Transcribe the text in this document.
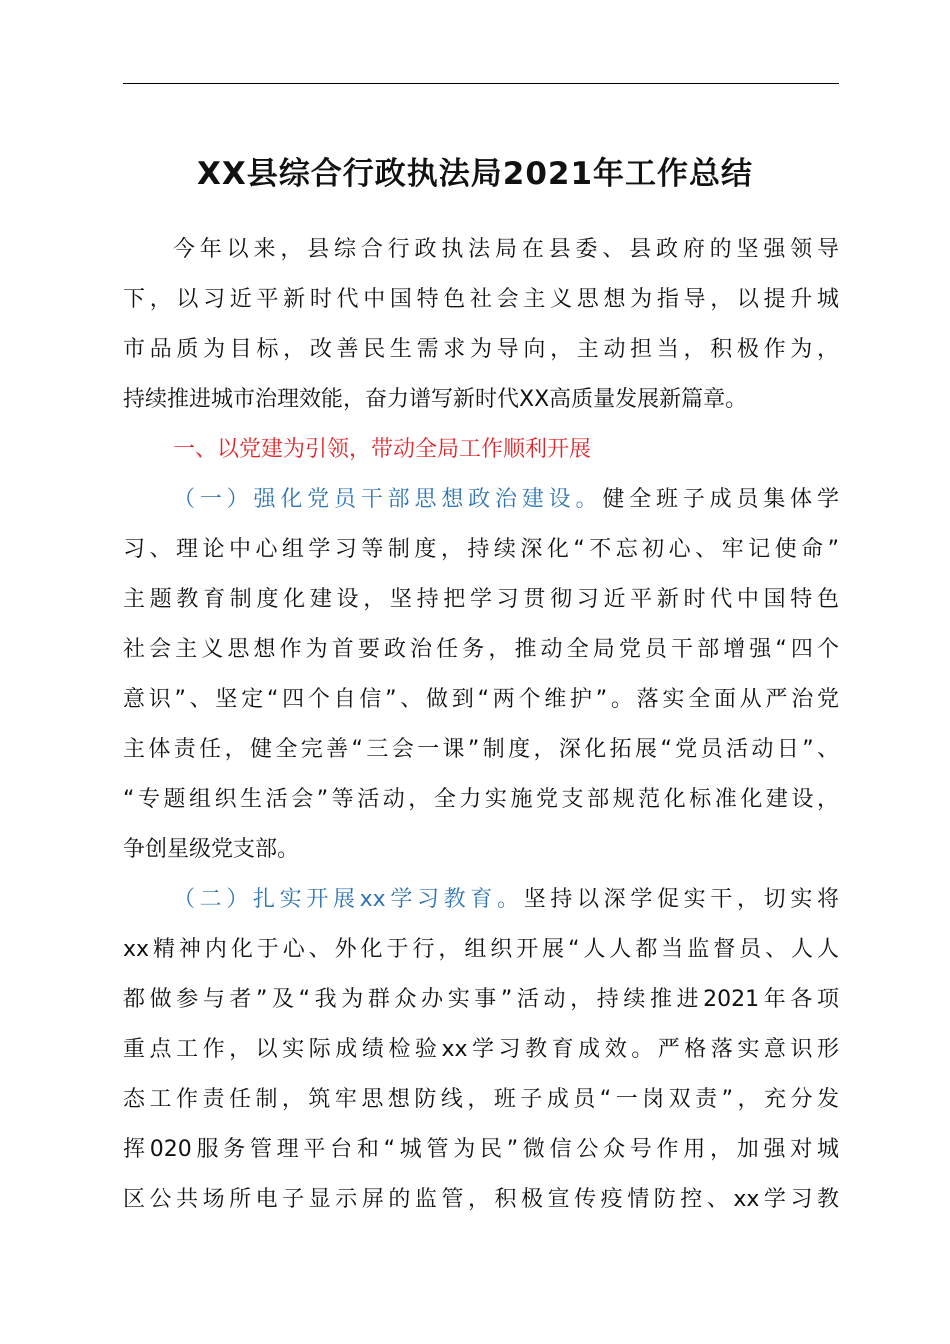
XX县综合行政执法局2021年工作总结
今年以来，县综合行政执法局在县委、县政府的坚强领导
下，以习近平新时代中国特色社会主义思想为指导，以提升城
市品质为目标，改善民生需求为导向，主动担当，积极作为，
持续推进城市治理效能，奋力谱写新时代XX高质量发展新篇章。
一、以党建为引领，带动全局工作顺利开展
（一）强化党员干部思想政治建设。健全班子成员集体学
习、理论中心组学习等制度，持续深化“不忘初心、牢记使命”
主题教育制度化建设，坚持把学习贯彻习近平新时代中国特色
社会主义思想作为首要政治任务，推动全局党员干部增强“四个
意识”、坚定“四个自信”、做到“两个维护”。落实全面从严治党
主体责任，健全完善“三会一课”制度，深化拓展“党员活动日”、
“专题组织生活会”等活动，全力实施党支部规范化标准化建设，
争创星级党支部。
（二）扎实开展xx学习教育。坚持以深学促实干，切实将
xx精神内化于心、外化于行，组织开展“人人都当监督员、人人
都做参与者”及“我为群众办实事”活动，持续推进2021年各项
重点工作，以实际成绩检验xx学习教育成效。严格落实意识形
态工作责任制，筑牢思想防线，班子成员“一岗双责”，充分发
挥020服务管理平台和“城管为民”微信公众号作用，加强对城
区公共场所电子显示屏的监管，积极宣传疫情防控、xx学习教
